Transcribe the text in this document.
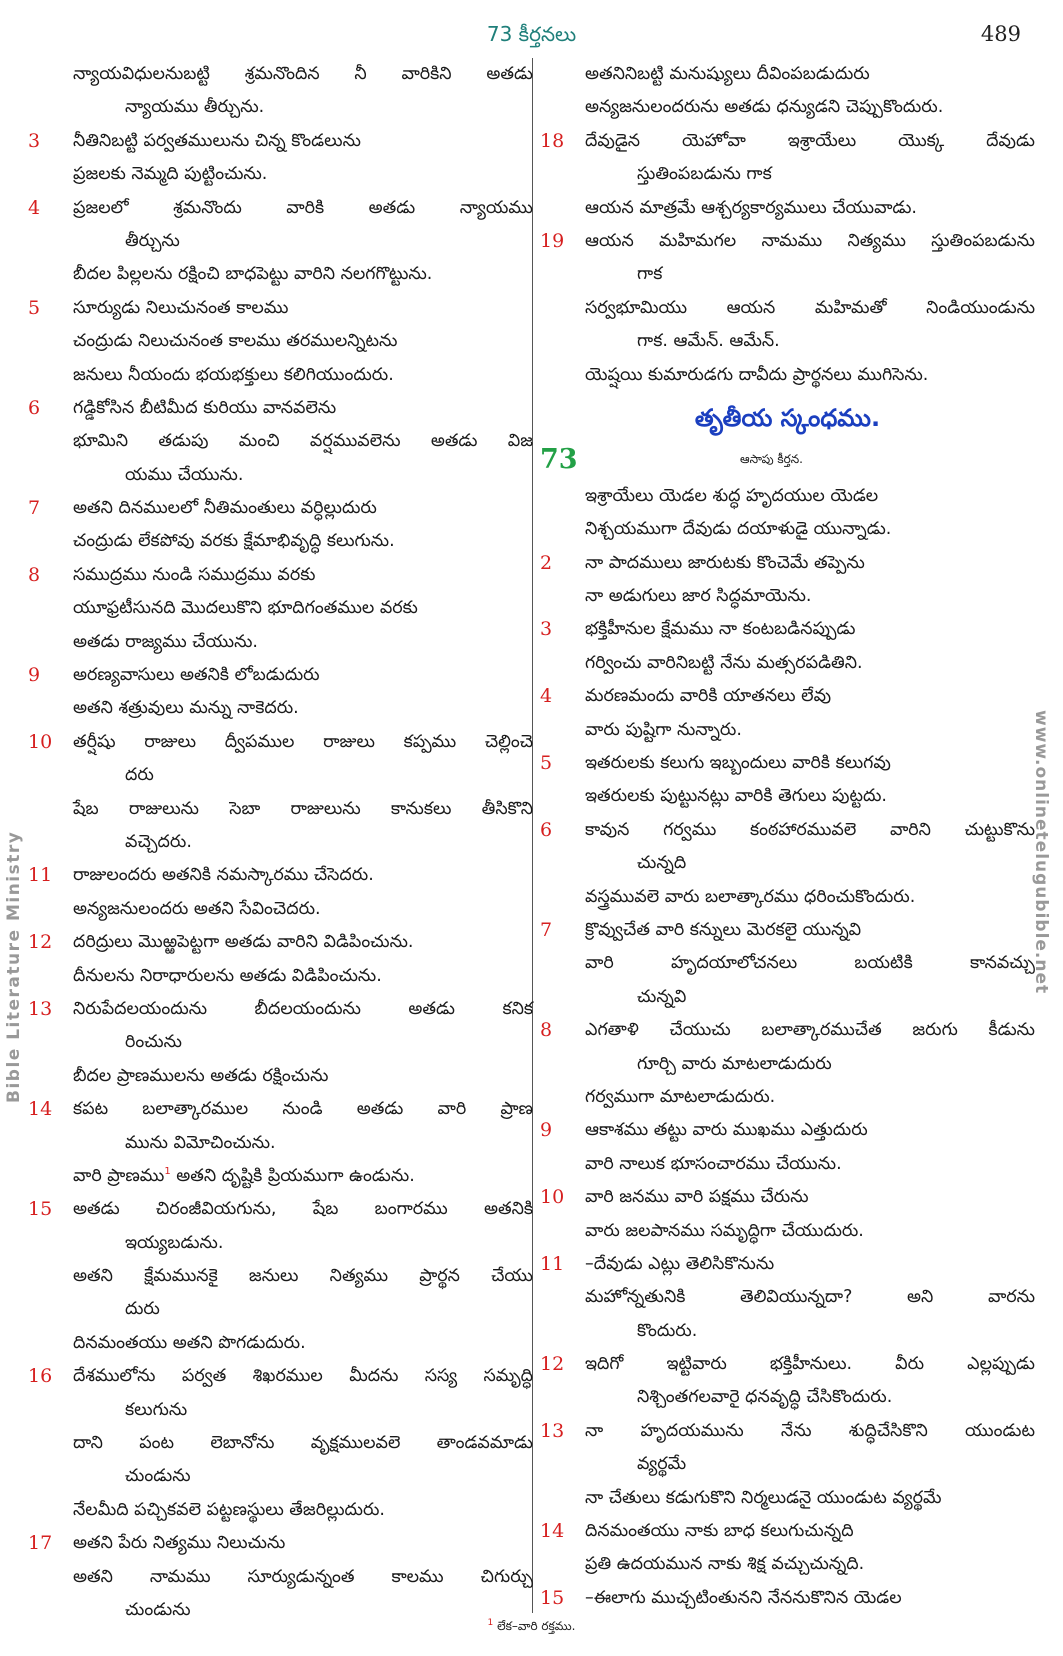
73 కీర్తనలు	489
Bible Literature Ministry	www.onlinetelugubible.net
న్యాయవిధులనుబట్టి శ్రమనొందిన నీ వారికిని అతడు
న్యాయము తీర్చును.
3	నీతినిబట్టి పర్వతములును చిన్న కొండలును
ప్రజలకు నెమ్మది పుట్టించును.
4	ప్రజలలో శ్రమనొందు వారికి అతడు న్యాయము
తీర్చును
బీదల పిల్లలను రక్షించి బాధపెట్టు వారిని నలగగొట్టును.
5	సూర్యుడు నిలుచునంత కాలము
చంద్రుడు నిలుచునంత కాలము తరములన్నిటను
జనులు నీయందు భయభక్తులు కలిగియుందురు.
6	గడ్డికోసిన బీటిమీద కురియు వానవలెను
భూమిని తడుపు మంచి వర్షమువలెను అతడు విజ
యము చేయును.
7	అతని దినములలో నీతిమంతులు వర్ధిల్లుదురు
చంద్రుడు లేకపోవు వరకు క్షేమాభివృద్ధి కలుగును.
8	సముద్రము నుండి సముద్రము వరకు
యూఫ్రటీసునది మొదలుకొని భూదిగంతముల వరకు
అతడు రాజ్యము చేయును.
9	అరణ్యవాసులు అతనికి లోబడుదురు
అతని శత్రువులు మన్ను నాకెదరు.
10	తర్షీషు రాజులు ద్వీపముల రాజులు కప్పము చెల్లించె
దరు
షేబ రాజులును సెబా రాజులును కానుకలు తీసికొని
వచ్చెదరు.
11	రాజులందరు అతనికి నమస్కారము చేసెదరు.
అన్యజనులందరు అతని సేవించెదరు.
12	దరిద్రులు మొఱ్ఱపెట్టగా అతడు వారిని విడిపించును.
దీనులను నిరాధారులను అతడు విడిపించును.
13	నిరుపేదలయందును బీదలయందును అతడు కనిక
రించును
బీదల ప్రాణములను అతడు రక్షించును
14	కపట బలాత్కారముల నుండి అతడు వారి ప్రాణ
మును విమోచించును.
వారి ప్రాణము$^1$ అతని దృష్టికి ప్రియముగా ఉండును.
15	అతడు చిరంజీవియగును, షేబ బంగారము అతనికి
ఇయ్యబడును.
అతని క్షేమమునకై జనులు నిత్యము ప్రార్థన చేయు
దురు
దినమంతయు అతని పొగడుదురు.
16	దేశములోను పర్వత శిఖరముల మీదను సస్య సమృద్ధి
కలుగును
దాని పంట లెబానోను వృక్షములవలె తాండవమాడు
చుండును
నేలమీది పచ్చికవలె పట్టణస్థులు తేజరిల్లుదురు.
17	అతని పేరు నిత్యము నిలుచును
అతని నామము సూర్యుడున్నంత కాలము చిగుర్చు
చుండును
అతనినిబట్టి మనుష్యులు దీవింపబడుదురు
అన్యజనులందరును అతడు ధన్యుడని చెప్పుకొందురు.
18	దేవుడైన యెహోవా ఇశ్రాయేలు యొక్క దేవుడు
స్తుతింపబడును గాక
ఆయన మాత్రమే ఆశ్చర్యకార్యములు చేయువాడు.
19	ఆయన మహిమగల నామము నిత్యము స్తుతింపబడును
గాక
సర్వభూమియు ఆయన మహిమతో నిండియుండును
గాక. ఆమేన్. ఆమేన్.
యెష్షయి కుమారుడగు దావీదు ప్రార్థనలు ముగిసెను.
తృతీయ స్కంధము.
73	ఆసాపు కీర్తన.
ఇశ్రాయేలు యెడల శుద్ధ హృదయుల యెడల
నిశ్చయముగా దేవుడు దయాళుడై యున్నాడు.
2	నా పాదములు జారుటకు కొంచెమే తప్పెను
నా అడుగులు జార సిద్ధమాయెను.
3	భక్తిహీనుల క్షేమము నా కంటబడినప్పుడు
గర్వించు వారినిబట్టి నేను మత్సరపడితిని.
4	మరణమందు వారికి యాతనలు లేవు
వారు పుష్టిగా నున్నారు.
5	ఇతరులకు కలుగు ఇబ్బందులు వారికి కలుగవు
ఇతరులకు పుట్టునట్లు వారికి తెగులు పుట్టదు.
6	కావున గర్వము కంఠహారమువలె వారిని చుట్టుకొను
చున్నది
వస్త్రమువలె వారు బలాత్కారము ధరించుకొందురు.
7	క్రొవ్వుచేత వారి కన్నులు మెరకలై యున్నవి
వారి హృదయాలోచనలు బయటికి కానవచ్చు
చున్నవి
8	ఎగతాళి చేయుచు బలాత్కారముచేత జరుగు కీడును
గూర్చి వారు మాటలాడుదురు
గర్వముగా మాటలాడుదురు.
9	ఆకాశము తట్టు వారు ముఖము ఎత్తుదురు
వారి నాలుక భూసంచారము చేయును.
10	వారి జనము వారి పక్షము చేరును
వారు జలపానము సమృద్ధిగా చేయుదురు.
11	–దేవుడు ఎట్లు తెలిసికొనును
మహోన్నతునికి తెలివియున్నదా? అని వారను
కొందురు.
12	ఇదిగో ఇట్టివారు భక్తిహీనులు. వీరు ఎల్లప్పుడు
నిశ్చింతగలవారై ధనవృద్ధి చేసికొందురు.
13	నా హృదయమును నేను శుద్ధిచేసికొని యుండుట
వ్యర్థమే
నా చేతులు కడుగుకొని నిర్మలుడనై యుండుట వ్యర్థమే
14	దినమంతయు నాకు బాధ కలుగుచున్నది
ప్రతి ఉదయమున నాకు శిక్ష వచ్చుచున్నది.
15	–ఈలాగు ముచ్చటింతునని నేననుకొనిన యెడల
$^1$ లేక–వారి రక్తము.
